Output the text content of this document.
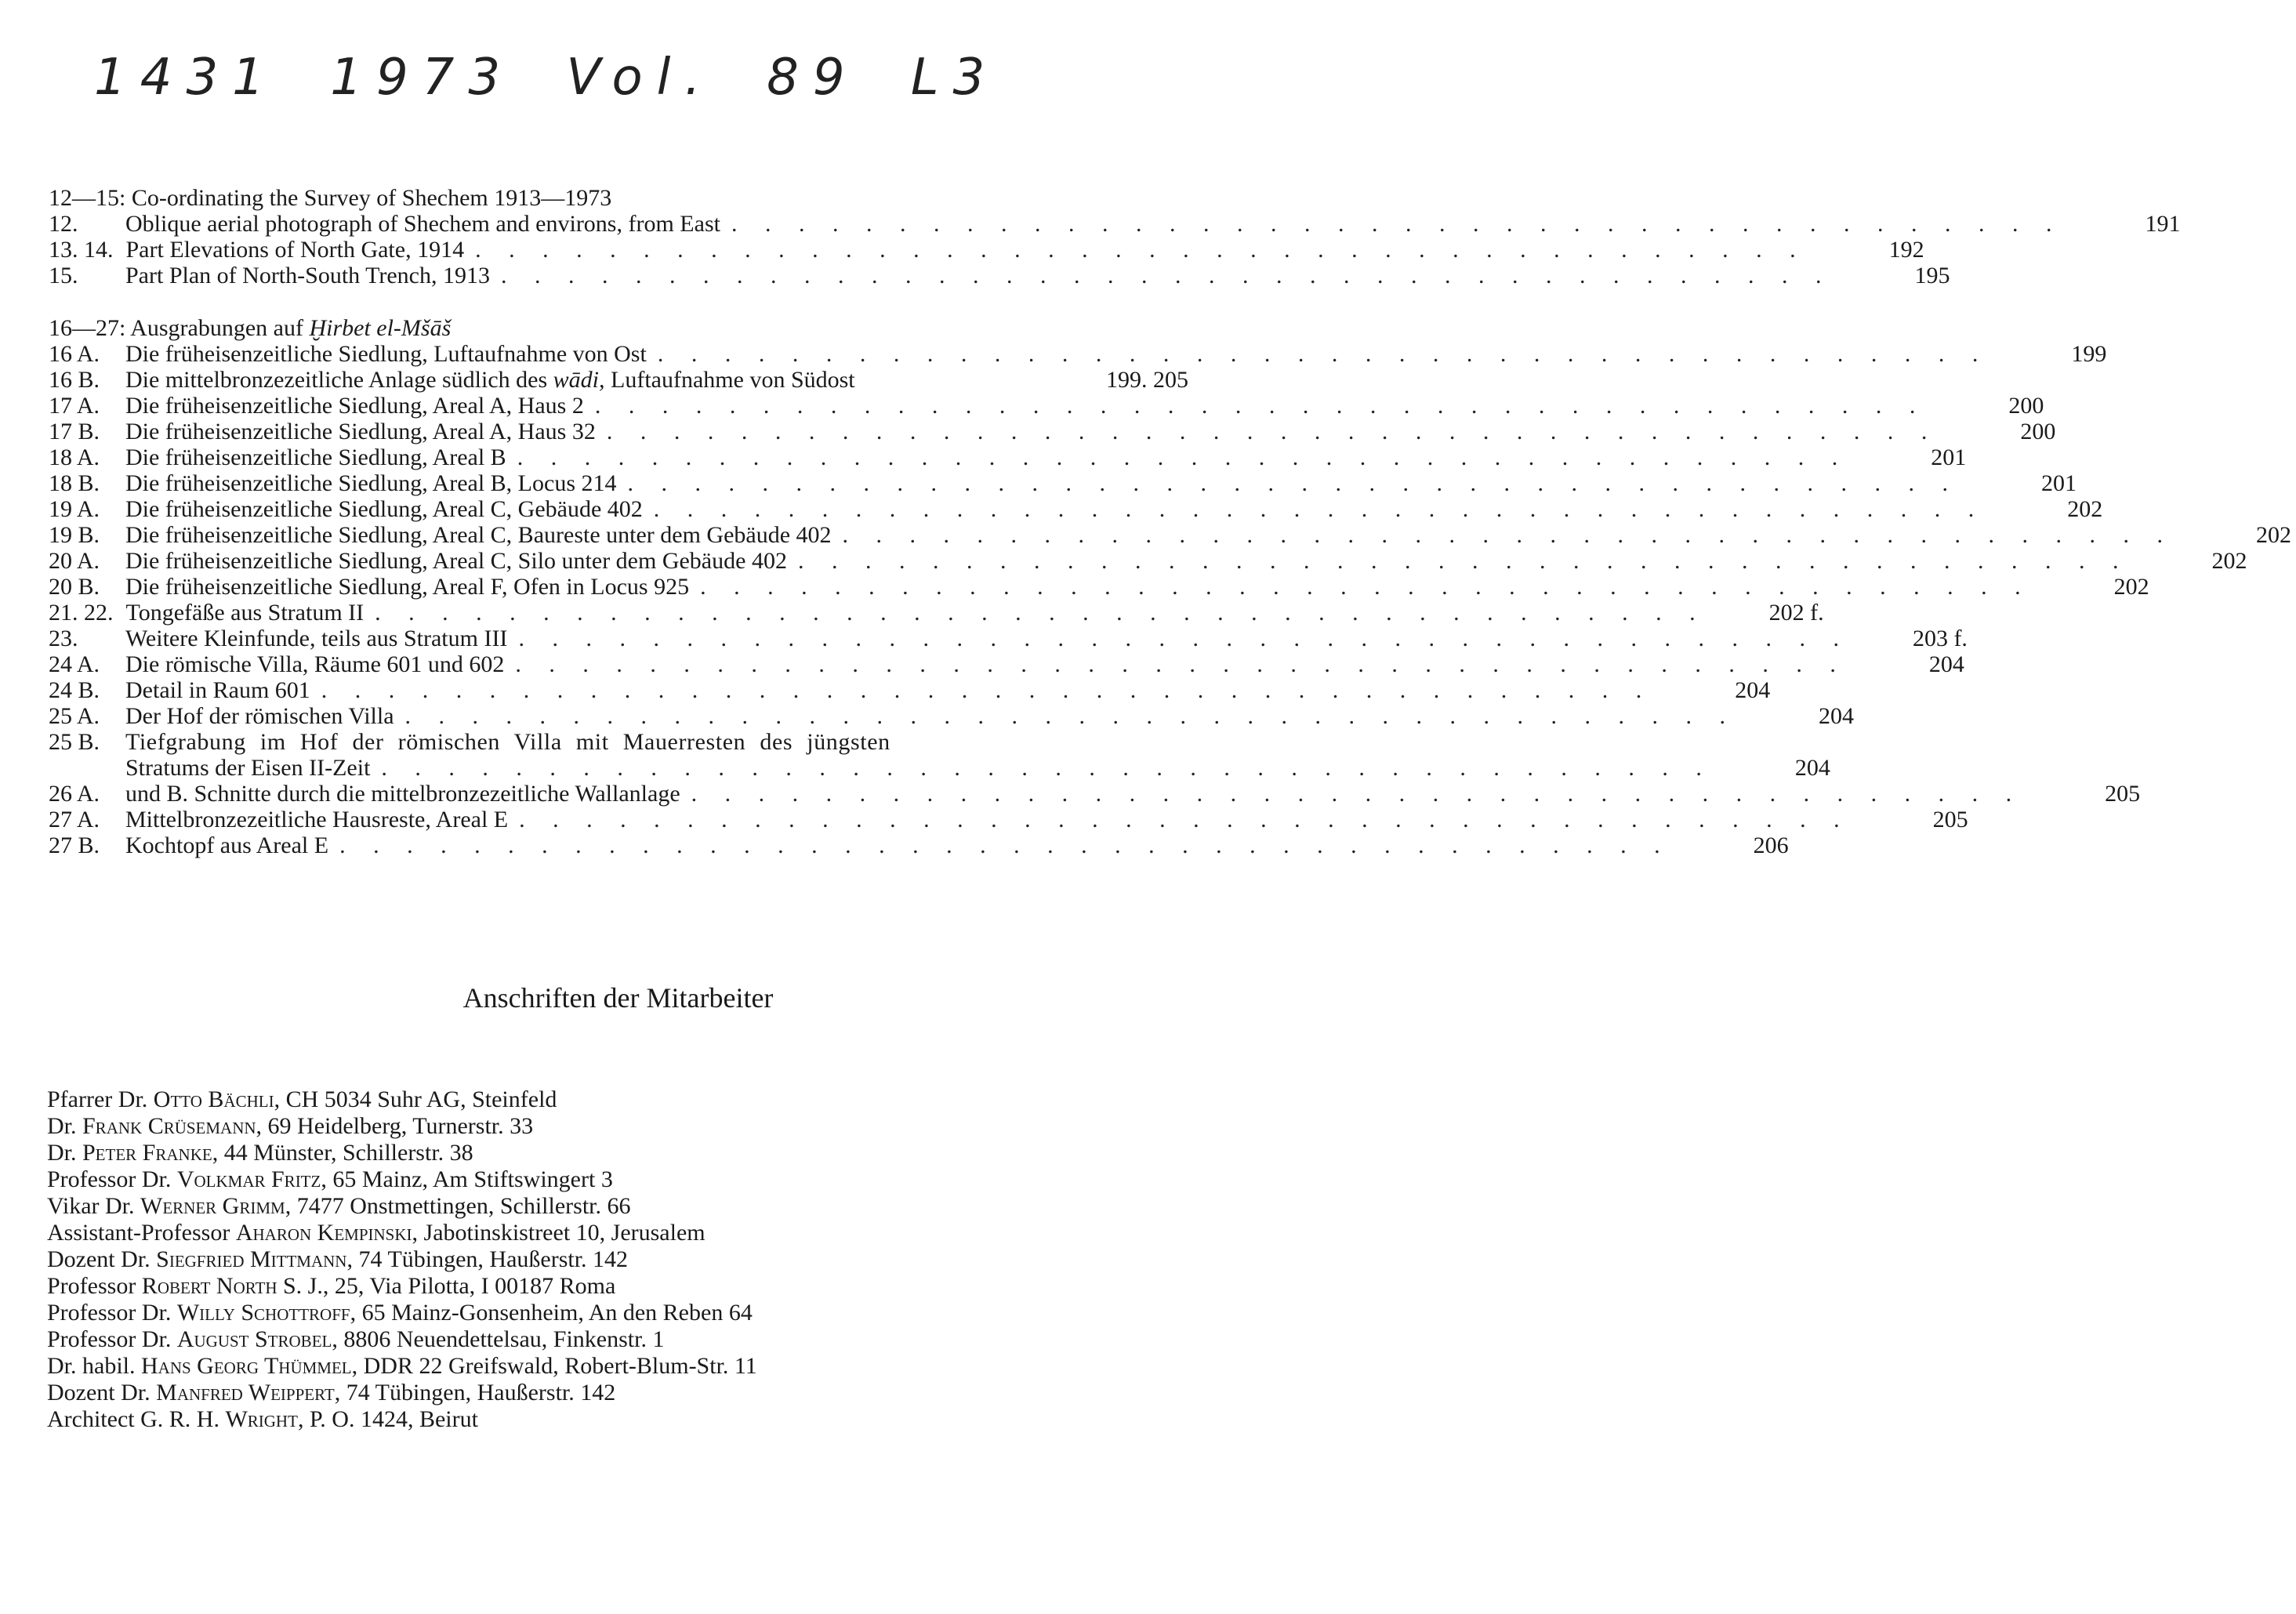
1431 1973 Vol. 89 L3
12—15: Co-ordinating the Survey of Shechem 1913—1973
12.	Oblique aerial photograph of Shechem and environs, from East . . . . . . . . . . . . . . . . . . . . . . . . . . . . . . . . . . . . . . . .	191
13. 14. Part Elevations of North Gate, 1914 . . . . . . . . . . . . . . . . . . . . . . . . . . . . . . . . . . . . . . . .	192
15.	Part Plan of North-South Trench, 1913 . . . . . . . . . . . . . . . . . . . . . . . . . . . . . . . . . . . . . . . .	195
16—27: Ausgrabungen auf Ḫirbet el-Mšāš
16 A.	Die früheisenzeitliche Siedlung, Luftaufnahme von Ost . . . . . . . . . . . . . . . . . . . . . . . . . . . . . . . . . . . . . . . .	199
16 B.	Die mittelbronzezeitliche Anlage südlich des wādi, Luftaufnahme von Südost	199. 205
17 A.	Die früheisenzeitliche Siedlung, Areal A, Haus 2 . . . . . . . . . . . . . . . . . . . . . . . . . . . . . . . . . . . . . . . .	200
17 B.	Die früheisenzeitliche Siedlung, Areal A, Haus 32 . . . . . . . . . . . . . . . . . . . . . . . . . . . . . . . . . . . . . . . .	200
18 A.	Die früheisenzeitliche Siedlung, Areal B . . . . . . . . . . . . . . . . . . . . . . . . . . . . . . . . . . . . . . . .	201
18 B.	Die früheisenzeitliche Siedlung, Areal B, Locus 214 . . . . . . . . . . . . . . . . . . . . . . . . . . . . . . . . . . . . . . . .	201
19 A.	Die früheisenzeitliche Siedlung, Areal C, Gebäude 402 . . . . . . . . . . . . . . . . . . . . . . . . . . . . . . . . . . . . . . . .	202
19 B.	Die früheisenzeitliche Siedlung, Areal C, Baureste unter dem Gebäude 402 . . . . . . . . . . . . . . . . . . . . . . . . . . . . . . . . . . . . . . . .	202
20 A.	Die früheisenzeitliche Siedlung, Areal C, Silo unter dem Gebäude 402 . . . . . . . . . . . . . . . . . . . . . . . . . . . . . . . . . . . . . . . .	202
20 B.	Die früheisenzeitliche Siedlung, Areal F, Ofen in Locus 925 . . . . . . . . . . . . . . . . . . . . . . . . . . . . . . . . . . . . . . . .	202
21. 22. Tongefäße aus Stratum II . . . . . . . . . . . . . . . . . . . . . . . . . . . . . . . . . . . . . . . .	202 f.
23.	Weitere Kleinfunde, teils aus Stratum III . . . . . . . . . . . . . . . . . . . . . . . . . . . . . . . . . . . . . . . .	203 f.
24 A.	Die römische Villa, Räume 601 und 602 . . . . . . . . . . . . . . . . . . . . . . . . . . . . . . . . . . . . . . . .	204
24 B.	Detail in Raum 601 . . . . . . . . . . . . . . . . . . . . . . . . . . . . . . . . . . . . . . . .	204
25 A.	Der Hof der römischen Villa . . . . . . . . . . . . . . . . . . . . . . . . . . . . . . . . . . . . . . . .	204
25 B.	Tiefgrabung im Hof der römischen Villa mit Mauerresten des jüngsten
Stratums der Eisen II-Zeit . . . . . . . . . . . . . . . . . . . . . . . . . . . . . . . . . . . . . . . .	204
26 A.	und B. Schnitte durch die mittelbronzezeitliche Wallanlage . . . . . . . . . . . . . . . . . . . . . . . . . . . . . . . . . . . . . . . .	205
27 A.	Mittelbronzezeitliche Hausreste, Areal E . . . . . . . . . . . . . . . . . . . . . . . . . . . . . . . . . . . . . . . .	205
27 B.	Kochtopf aus Areal E . . . . . . . . . . . . . . . . . . . . . . . . . . . . . . . . . . . . . . . .	206
Anschriften der Mitarbeiter
Pfarrer Dr. Otto Bächli, CH 5034 Suhr AG, Steinfeld
Dr. Frank Crüsemann, 69 Heidelberg, Turnerstr. 33
Dr. Peter Franke, 44 Münster, Schillerstr. 38
Professor Dr. Volkmar Fritz, 65 Mainz, Am Stiftswingert 3
Vikar Dr. Werner Grimm, 7477 Onstmettingen, Schillerstr. 66
Assistant-Professor Aharon Kempinski, Jabotinskistreet 10, Jerusalem
Dozent Dr. Siegfried Mittmann, 74 Tübingen, Haußerstr. 142
Professor Robert North S. J., 25, Via Pilotta, I 00187 Roma
Professor Dr. Willy Schottroff, 65 Mainz-Gonsenheim, An den Reben 64
Professor Dr. August Strobel, 8806 Neuendettelsau, Finkenstr. 1
Dr. habil. Hans Georg Thümmel, DDR 22 Greifswald, Robert-Blum-Str. 11
Dozent Dr. Manfred Weippert, 74 Tübingen, Haußerstr. 142
Architect G. R. H. Wright, P. O. 1424, Beirut
